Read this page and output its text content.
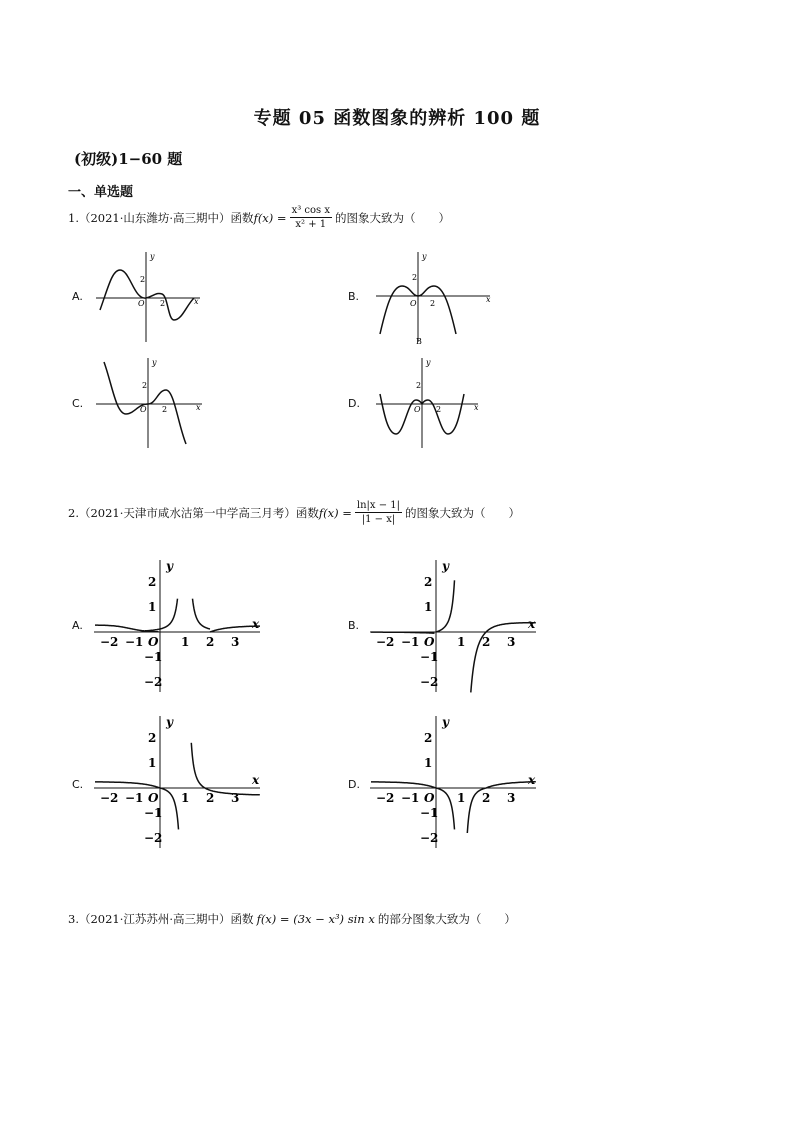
专题 05 函数图象的辨析 100 题
(初级)1−60 题
一、单选题
1. （2021·山东潍坊·高三期中）函数 $f(x) = \frac{\text{x³ cos x}}{\text{x² + 1}}$ 的图象大致为（　　）
A.	B.
C.	D.
y
x
O
2
2
y
x
O
2
2
B
y
x
O
2
2
y
x
O
2
2
2. （2021·天津市咸水沽第一中学高三月考）函数 $f(x) = \frac{\ln|x - 1|}{|1 - x|}$ 的图象大致为（　　）
A.	B.
C.	D.
y
x
O
−2 −1	1 2 3
2
1
−1
−2
y
x
O
−2 −1	1 2 3
2
1
−1
−2
y
x
O
−2 −1	1 2 3
2
1
−1
−2
y
x
O
−2 −1	1 2 3
2
1
−1
−2
3. （2021·江苏苏州·高三期中）函数 f(x) = (3x − x³) sin x 的部分图象大致为（　　）
